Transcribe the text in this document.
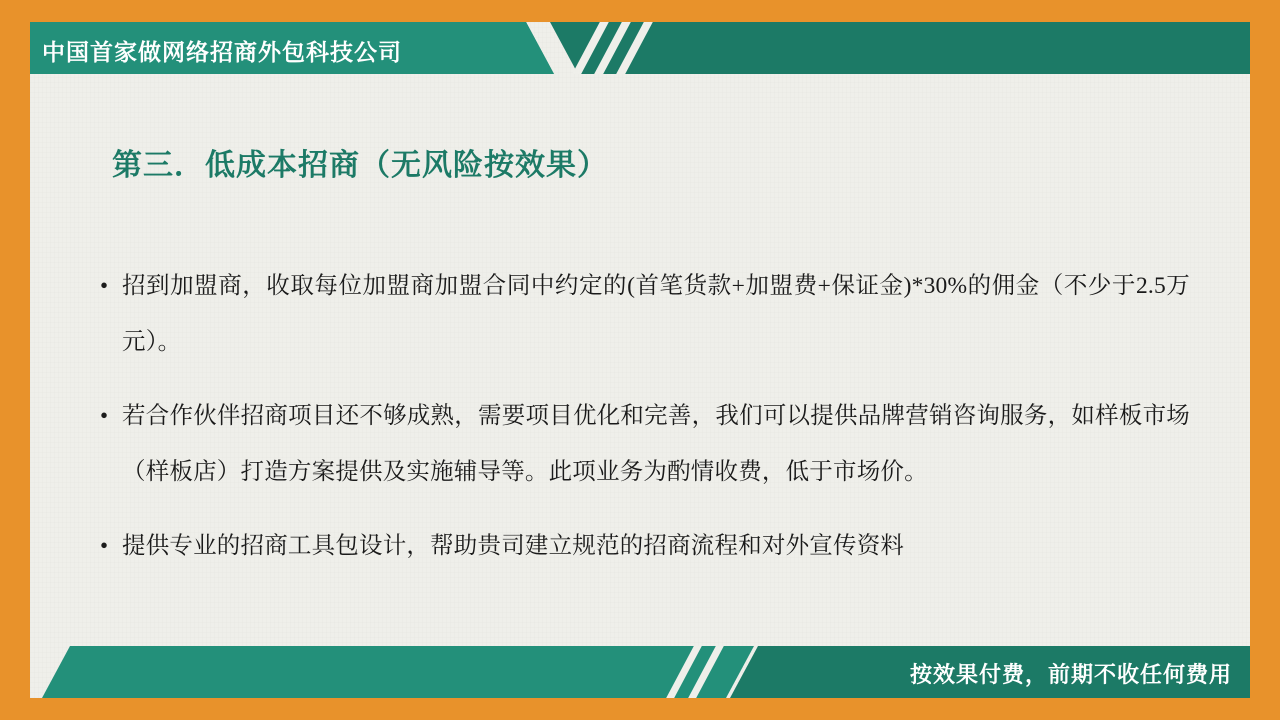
中国首家做网络招商外包科技公司
第三．低成本招商（无风险按效果）
• 招到加盟商，收取每位加盟商加盟合同中约定的(首笔货款+加盟费+保证金)*30%的佣金（不少于2.5万元）。
• 若合作伙伴招商项目还不够成熟，需要项目优化和完善，我们可以提供品牌营销咨询服务，如样板市场（样板店）打造方案提供及实施辅导等。此项业务为酌情收费，低于市场价。
• 提供专业的招商工具包设计，帮助贵司建立规范的招商流程和对外宣传资料
按效果付费，前期不收任何费用
